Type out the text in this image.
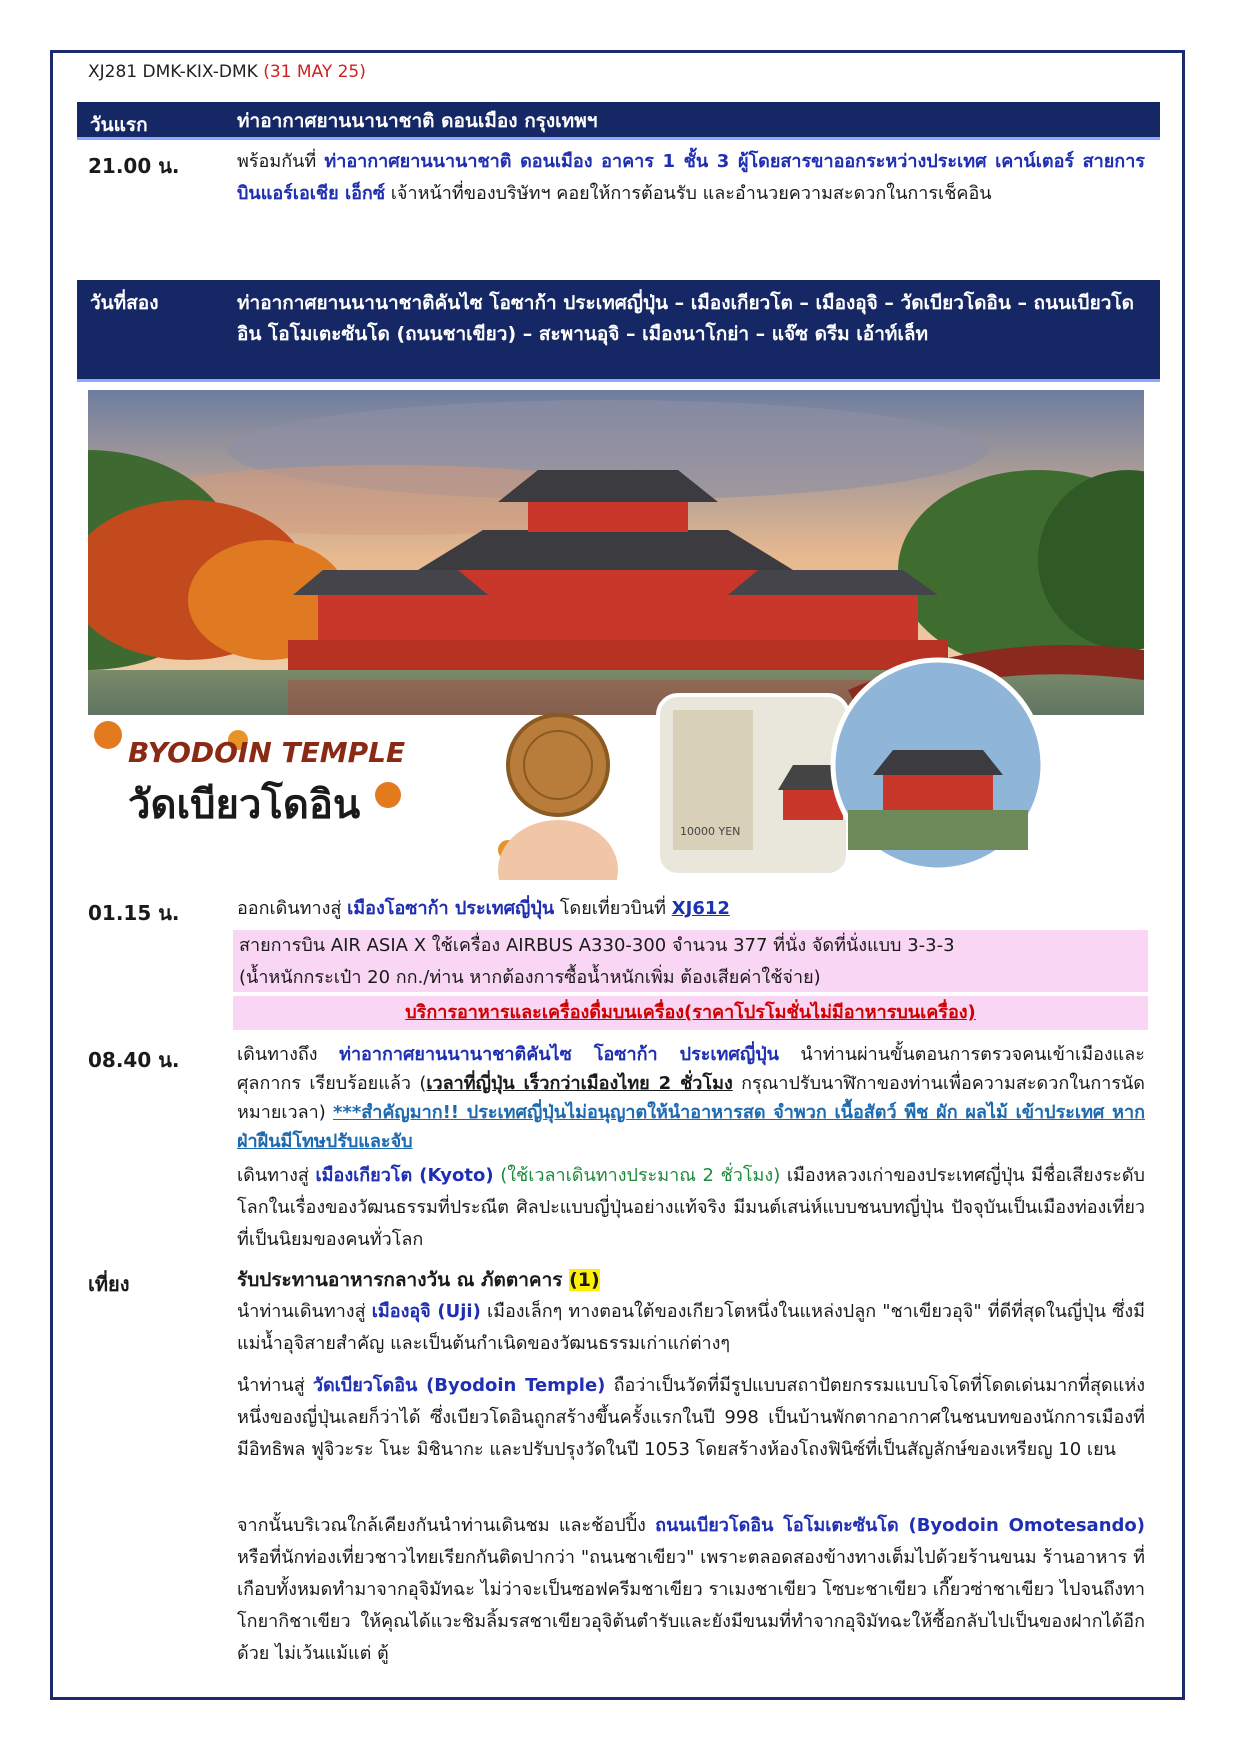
XJ281 DMK-KIX-DMK (31 MAY 25)
วันแรก	ท่าอากาศยานนานาชาติ ดอนเมือง กรุงเทพฯ
21.00 น.	พร้อมกันที่ ท่าอากาศยานนานาชาติ ดอนเมือง อาคาร 1 ชั้น 3 ผู้โดยสารขาออกระหว่างประเทศ เคาน์เตอร์ สายการบินแอร์เอเชีย เอ็กซ์ เจ้าหน้าที่ของบริษัทฯ คอยให้การต้อนรับ และอำนวยความสะดวกในการเช็คอิน
วันที่สอง	ท่าอากาศยานนานาชาติคันไซ โอซาก้า ประเทศญี่ปุ่น – เมืองเกียวโต – เมืองอุจิ – วัดเบียวโดอิน – ถนนเบียวโดอิน โอโมเตะซันโด (ถนนชาเขียว) – สะพานอุจิ – เมืองนาโกย่า – แจ๊ซ ดรีม เอ้าท์เล็ท
BYODOIN TEMPLE
วัดเบียวโดอิน
10000 YEN
01.15 น.	ออกเดินทางสู่ เมืองโอซาก้า ประเทศญี่ปุ่น โดยเที่ยวบินที่ XJ612
สายการบิน AIR ASIA X ใช้เครื่อง AIRBUS A330-300 จำนวน 377 ที่นั่ง จัดที่นั่งแบบ 3-3-3
(น้ำหนักกระเป๋า 20 กก./ท่าน หากต้องการซื้อน้ำหนักเพิ่ม ต้องเสียค่าใช้จ่าย)
บริการอาหารและเครื่องดื่มบนเครื่อง(ราคาโปรโมชั่นไม่มีอาหารบนเครื่อง)
08.40 น.	เดินทางถึง ท่าอากาศยานนานาชาติคันไซ โอซาก้า ประเทศญี่ปุ่น นำท่านผ่านขั้นตอนการตรวจคนเข้าเมืองและศุลกากร เรียบร้อยแล้ว (เวลาที่ญี่ปุ่น เร็วกว่าเมืองไทย 2 ชั่วโมง กรุณาปรับนาฬิกาของท่านเพื่อความสะดวกในการนัดหมายเวลา) ***สำคัญมาก!! ประเทศญี่ปุ่นไม่อนุญาตให้นำอาหารสด จำพวก เนื้อสัตว์ พืช ผัก ผลไม้ เข้าประเทศ หากฝ่าฝืนมีโทษปรับและจับ
เดินทางสู่ เมืองเกียวโต (Kyoto) (ใช้เวลาเดินทางประมาณ 2 ชั่วโมง) เมืองหลวงเก่าของประเทศญี่ปุ่น มีชื่อเสียงระดับโลกในเรื่องของวัฒนธรรมที่ประณีต ศิลปะแบบญี่ปุ่นอย่างแท้จริง มีมนต์เสน่ห์แบบชนบทญี่ปุ่น ปัจจุบันเป็นเมืองท่องเที่ยวที่เป็นนิยมของคนทั่วโลก
เที่ยง	รับประทานอาหารกลางวัน ณ ภัตตาคาร (1)
นำท่านเดินทางสู่ เมืองอุจิ (Uji) เมืองเล็กๆ ทางตอนใต้ของเกียวโตหนึ่งในแหล่งปลูก "ชาเขียวอุจิ" ที่ดีที่สุดในญี่ปุ่น ซึ่งมีแม่น้ำอุจิสายสำคัญ และเป็นต้นกำเนิดของวัฒนธรรมเก่าแก่ต่างๆ
นำท่านสู่ วัดเบียวโดอิน (Byodoin Temple) ถือว่าเป็นวัดที่มีรูปแบบสถาปัตยกรรมแบบโจโดที่โดดเด่นมากที่สุดแห่งหนึ่งของญี่ปุ่นเลยก็ว่าได้ ซึ่งเบียวโดอินถูกสร้างขึ้นครั้งแรกในปี 998 เป็นบ้านพักตากอากาศในชนบทของนักการเมืองที่มีอิทธิพล ฟูจิวะระ โนะ มิชินากะ และปรับปรุงวัดในปี 1053 โดยสร้างห้องโถงฟินิซ์ที่เป็นสัญลักษ์ของเหรียญ 10 เยน
จากนั้นบริเวณใกล้เคียงกันนำท่านเดินชม และช้อปปิ้ง ถนนเบียวโดอิน โอโมเตะซันโด (Byodoin Omotesando) หรือที่นักท่องเที่ยวชาวไทยเรียกกันติดปากว่า "ถนนชาเขียว" เพราะตลอดสองข้างทางเต็มไปด้วยร้านขนม ร้านอาหาร ที่เกือบทั้งหมดทำมาจากอุจิมัทฉะ ไม่ว่าจะเป็นซอฟครีมชาเขียว ราเมงชาเขียว โซบะชาเขียว เกี๊ยวซ่าชาเขียว ไปจนถึงทาโกยากิชาเขียว ให้คุณได้แวะชิมลิ้มรสชาเขียวอุจิต้นตำรับและยังมีขนมที่ทำจากอุจิมัทฉะให้ซื้อกลับไปเป็นของฝากได้อีกด้วย ไม่เว้นแม้แต่ ตู้
